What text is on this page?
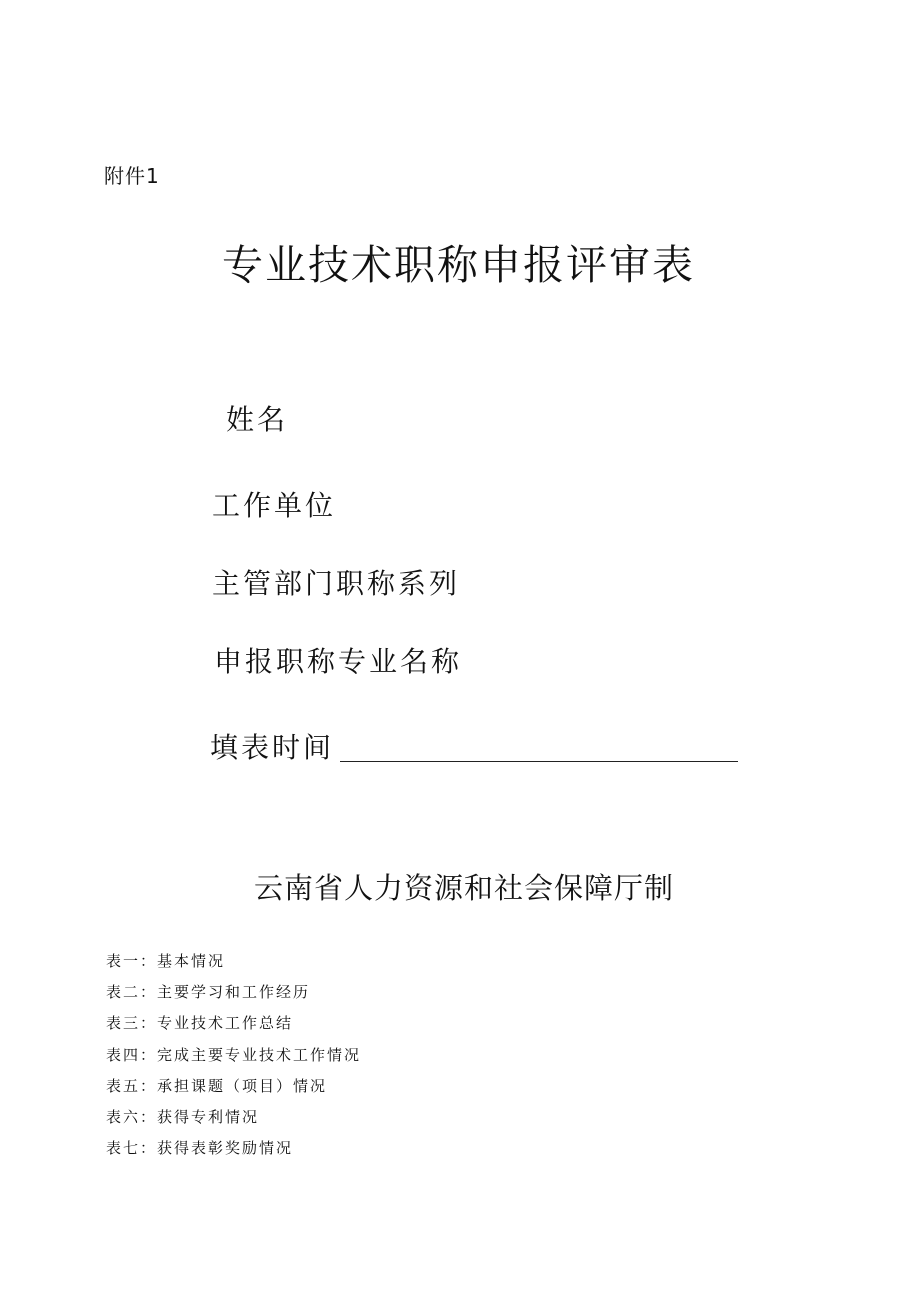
附件1
专业技术职称申报评审表
姓名
工作单位
主管部门职称系列
申报职称专业名称
填表时间
云南省人力资源和社会保障厅制
表一：基本情况
表二：主要学习和工作经历
表三：专业技术工作总结
表四：完成主要专业技术工作情况
表五：承担课题（项目）情况
表六：获得专利情况
表七：获得表彰奖励情况
